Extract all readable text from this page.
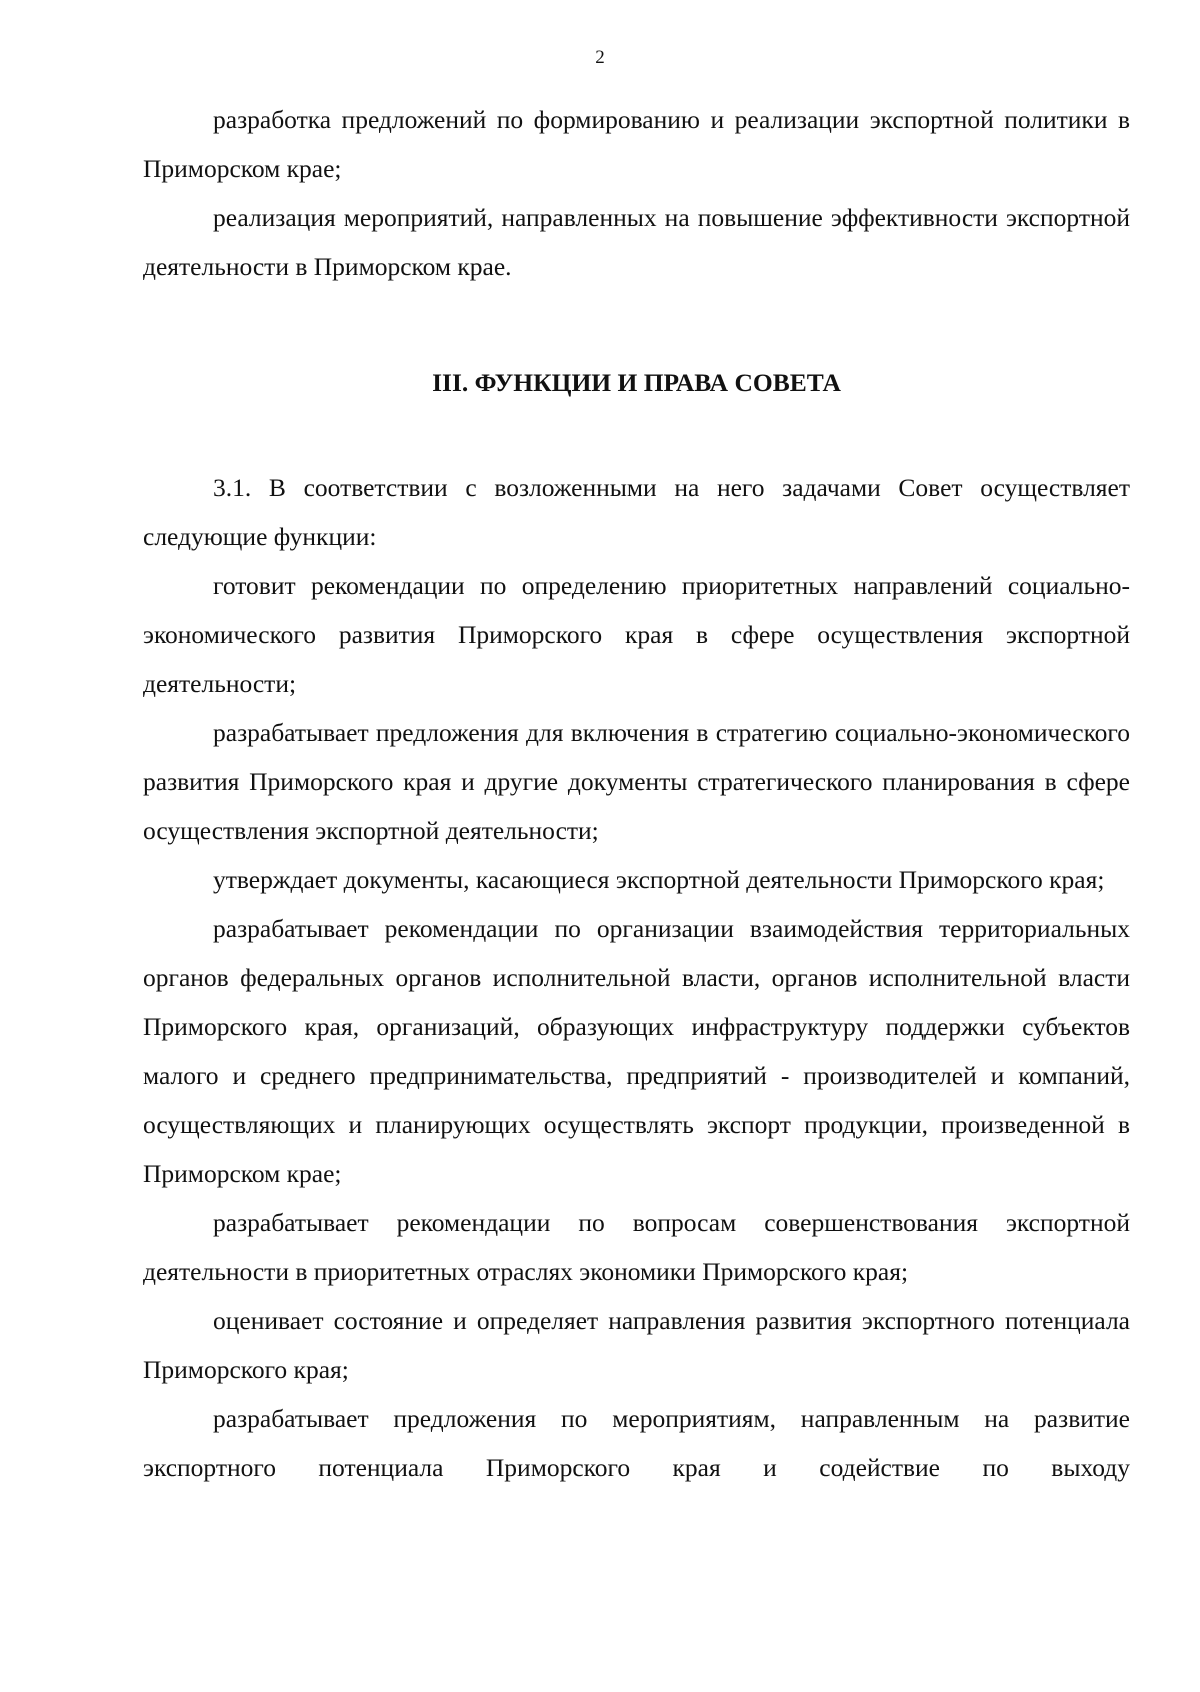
2

разработка предложений по формированию и реализации экспортной политики в Приморском крае;

реализация мероприятий, направленных на повышение эффективности экспортной деятельности в Приморском крае.

III. ФУНКЦИИ И ПРАВА СОВЕТА

3.1. В соответствии с возложенными на него задачами Совет осуществляет следующие функции:

готовит рекомендации по определению приоритетных направлений социально-экономического развития Приморского края в сфере осуществления экспортной деятельности;

разрабатывает предложения для включения в стратегию социально-экономического развития Приморского края и другие документы стратегического планирования в сфере осуществления экспортной деятельности;

утверждает документы, касающиеся экспортной деятельности Приморского края;

разрабатывает рекомендации по организации взаимодействия территориальных органов федеральных органов исполнительной власти, органов исполнительной власти Приморского края, организаций, образующих инфраструктуру поддержки субъектов малого и среднего предпринимательства, предприятий - производителей и компаний, осуществляющих и планирующих осуществлять экспорт продукции, произведенной в Приморском крае;

разрабатывает рекомендации по вопросам совершенствования экспортной деятельности в приоритетных отраслях экономики Приморского края;

оценивает состояние и определяет направления развития экспортного потенциала Приморского края;

разрабатывает предложения по мероприятиям, направленным на развитие экспортного потенциала Приморского края и содействие по выходу
